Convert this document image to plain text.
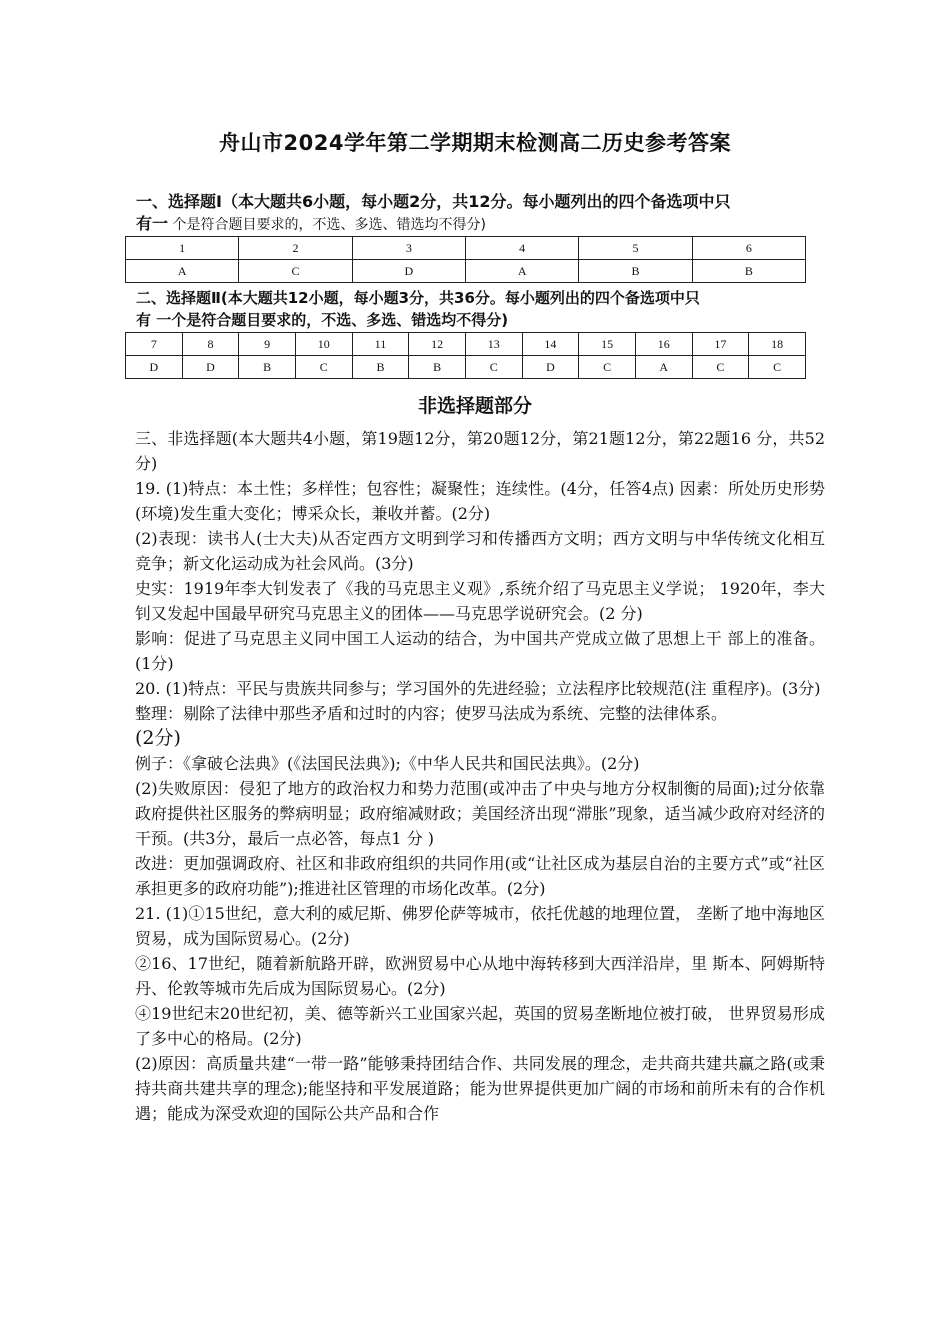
舟山市2024学年第二学期期末检测高二历史参考答案
一、选择题Ⅰ（本大题共6小题，每小题2分，共12分。每小题列出的四个备选项中只
有一 个是符合题目要求的，不选、多选、错选均不得分)
1	2	3	4	5	6
A	C	D	A	B	B
二、选择题Ⅱ(本大题共12小题，每小题3分，共36分。每小题列出的四个备选项中只
有 一个是符合题目要求的，不选、多选、错选均不得分)
7	8	9	10	11	12	13	14	15	16	17	18
D	D	B	C	B	B	C	D	C	A	C	C
非选择题部分

三、非选择题(本大题共4小题，第19题12分，第20题12分，第21题12分，第22题16 分，共52分)

19. (1)特点：本土性；多样性；包容性；凝聚性；连续性。(4分，任答4点) 因素：所处历史形势(环境)发生重大变化；博采众长，兼收并蓄。(2分)

(2)表现：读书人(士大夫)从否定西方文明到学习和传播西方文明；西方文明与中华传统文化相互竞争；新文化运动成为社会风尚。(3分)

史实：1919年李大钊发表了《我的马克思主义观》,系统介绍了马克思主义学说； 1920年，李大钊又发起中国最早研究马克思主义的团体——马克思学说研究会。(2 分)

影响：促进了马克思主义同中国工人运动的结合，为中国共产党成立做了思想上干 部上的准备。(1分)

20. (1)特点：平民与贵族共同参与；学习国外的先进经验；立法程序比较规范(注 重程序)。(3分)

整理：剔除了法律中那些矛盾和过时的内容；使罗马法成为系统、完整的法律体系。
(2分)

例子：《拿破仑法典》(《法国民法典》);《中华人民共和国民法典》。(2分)

(2)失败原因：侵犯了地方的政治权力和势力范围(或冲击了中央与地方分权制衡的局面);过分依靠政府提供社区服务的弊病明显；政府缩减财政；美国经济出现“滞胀”现象，适当减少政府对经济的干预。(共3分，最后一点必答，每点1 分 )

改进：更加强调政府、社区和非政府组织的共同作用(或“让社区成为基层自治的主要方式”或“社区承担更多的政府功能”);推进社区管理的市场化改革。(2分)

21. (1)①15世纪，意大利的威尼斯、佛罗伦萨等城市，依托优越的地理位置， 垄断了地中海地区贸易，成为国际贸易心。(2分)

②16、17世纪，随着新航路开辟，欧洲贸易中心从地中海转移到大西洋沿岸，里 斯本、阿姆斯特丹、伦敦等城市先后成为国际贸易心。(2分)

④19世纪末20世纪初，美、德等新兴工业国家兴起，英国的贸易垄断地位被打破， 世界贸易形成了多中心的格局。(2分)

(2)原因：高质量共建“一带一路”能够秉持团结合作、共同发展的理念，走共商共建共赢之路(或秉持共商共建共享的理念);能坚持和平发展道路；能为世界提供更加广阔的市场和前所未有的合作机遇；能成为深受欢迎的国际公共产品和合作
